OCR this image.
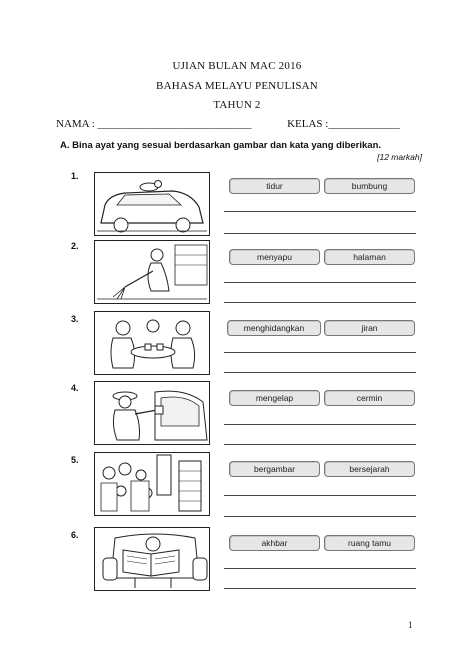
UJIAN BULAN MAC 2016
BAHASA MELAYU PENULISAN
TAHUN 2
NAMA : ____________________________	KELAS :_____________
A. Bina ayat yang sesuai berdasarkan gambar dan kata yang diberikan.
[12 markah]
1.
tidur	bumbung
2.
menyapu	halaman
3.
menghidangkan	jiran
4.
mengelap	cermin
5.
bergambar	bersejarah
6.
akhbar	ruang tamu
1
